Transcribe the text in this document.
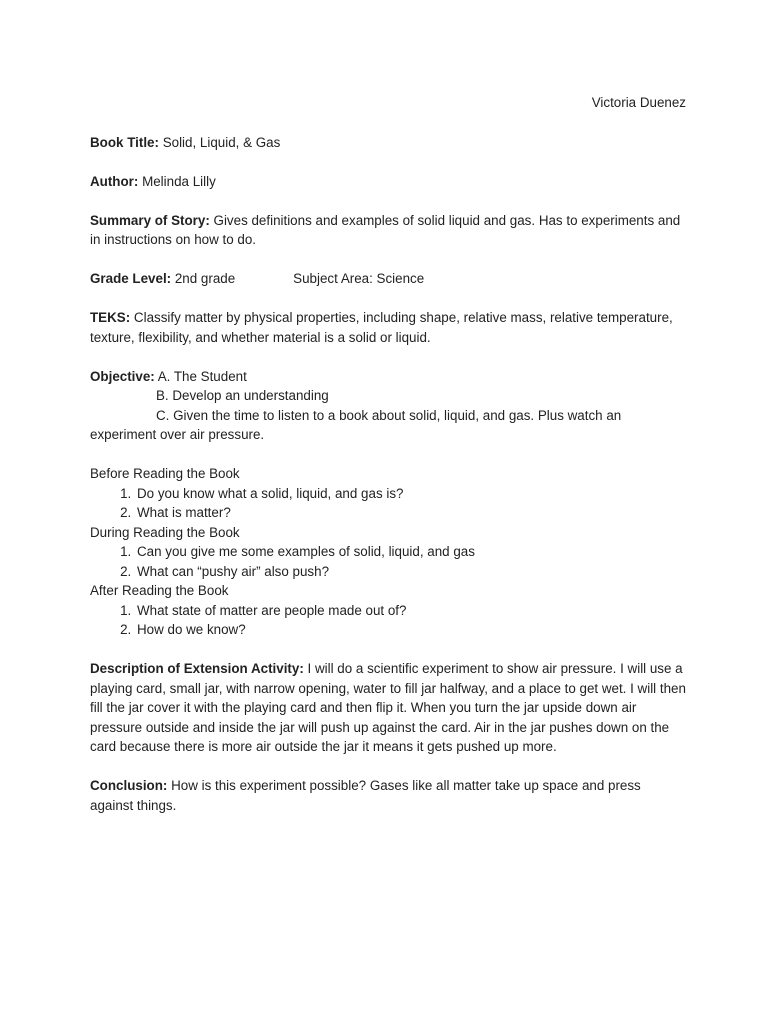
Victoria Duenez
Book Title: Solid, Liquid, & Gas
Author: Melinda Lilly
Summary of Story: Gives definitions and examples of solid liquid and gas. Has to experiments and in instructions on how to do.
Grade Level: 2nd grade	Subject Area: Science
TEKS: Classify matter by physical properties, including shape, relative mass, relative temperature, texture, flexibility, and whether material is a solid or liquid.
Objective: A. The Student
B. Develop an understanding
C. Given the time to listen to a book about solid, liquid, and gas. Plus watch an
experiment over air pressure.
Before Reading the Book
1. Do you know what a solid, liquid, and gas is?
2. What is matter?
During Reading the Book
1. Can you give me some examples of solid, liquid, and gas
2. What can “pushy air” also push?
After Reading the Book
1. What state of matter are people made out of?
2. How do we know?
Description of Extension Activity: I will do a scientific experiment to show air pressure. I will use a playing card, small jar, with narrow opening, water to fill jar halfway, and a place to get wet. I will then fill the jar cover it with the playing card and then flip it. When you turn the jar upside down air pressure outside and inside the jar will push up against the card. Air in the jar pushes down on the card because there is more air outside the jar it means it gets pushed up more.
Conclusion: How is this experiment possible? Gases like all matter take up space and press against things.
